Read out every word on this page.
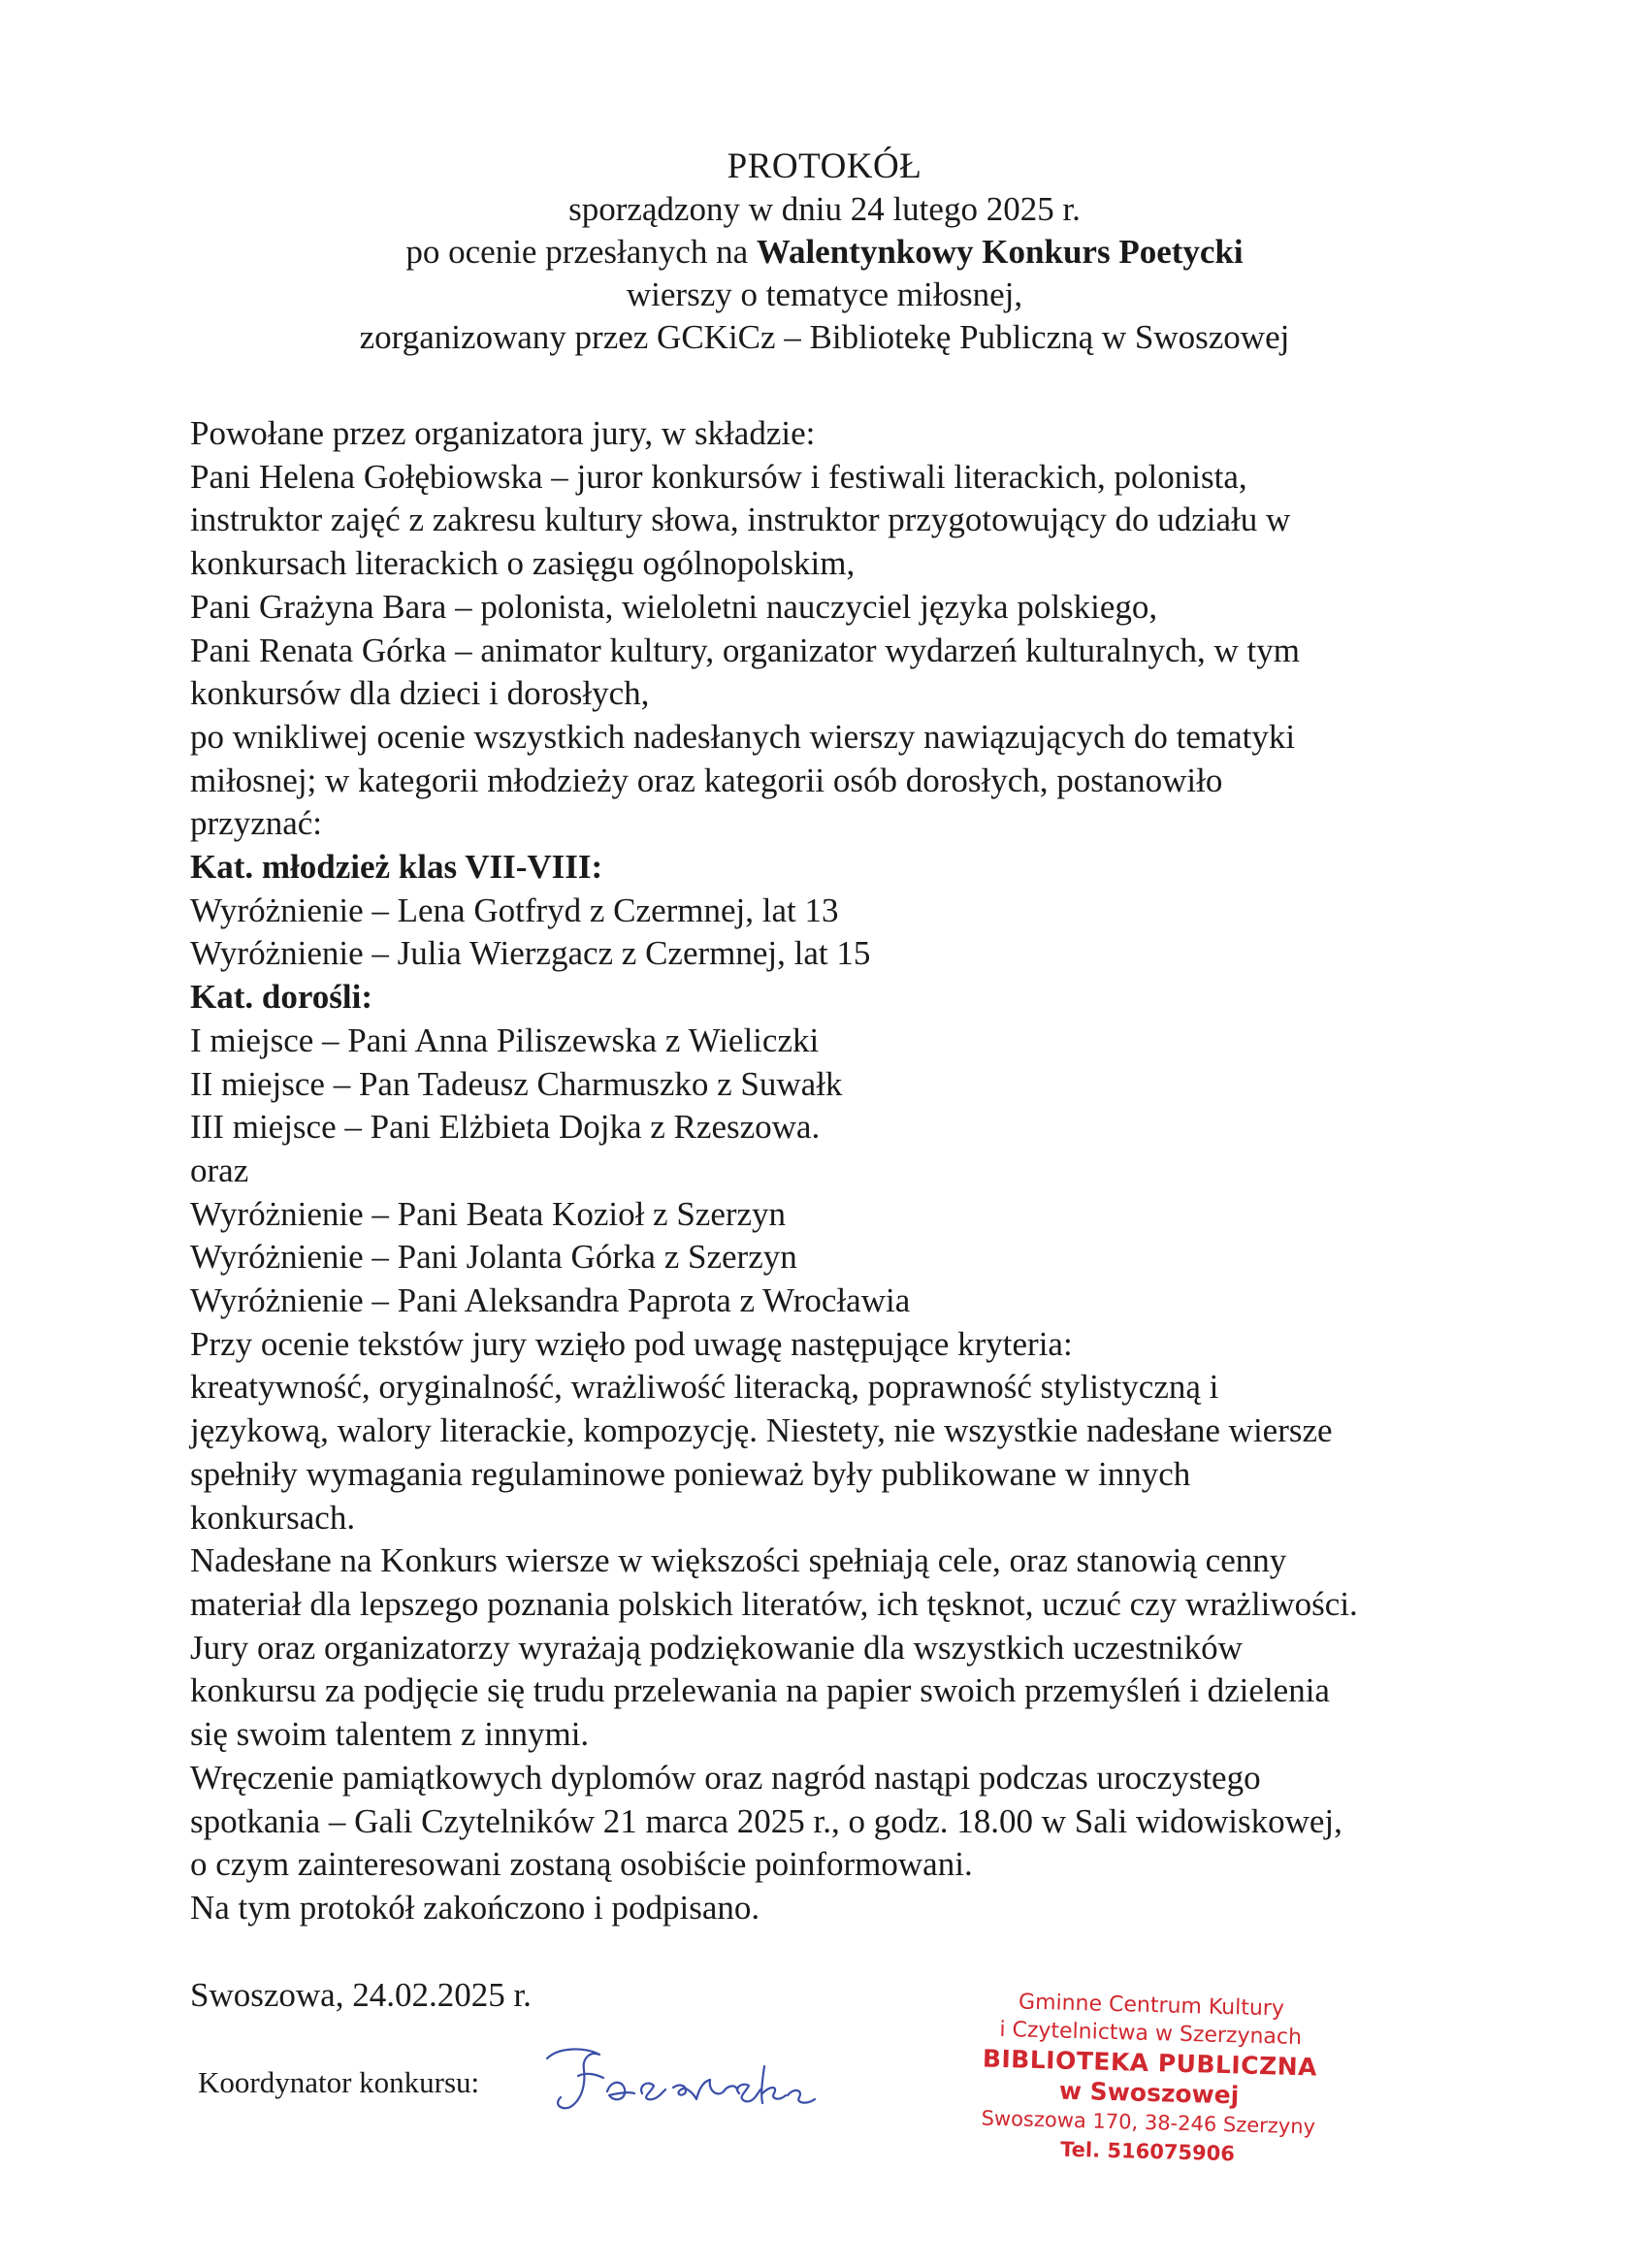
PROTOKÓŁ
sporządzony w dniu 24 lutego 2025 r.
po ocenie przesłanych na Walentynkowy Konkurs Poetycki
wierszy o tematyce miłosnej,
zorganizowany przez GCKiCz – Bibliotekę Publiczną w Swoszowej
Powołane przez organizatora jury, w składzie:
Pani Helena Gołębiowska – juror konkursów i festiwali literackich, polonista,
instruktor zajęć z zakresu kultury słowa, instruktor przygotowujący do udziału w
konkursach literackich o zasięgu ogólnopolskim,
Pani Grażyna Bara – polonista, wieloletni nauczyciel języka polskiego,
Pani Renata Górka – animator kultury, organizator wydarzeń kulturalnych, w tym
konkursów dla dzieci i dorosłych,
po wnikliwej ocenie wszystkich nadesłanych wierszy nawiązujących do tematyki
miłosnej; w kategorii młodzieży oraz kategorii osób dorosłych, postanowiło
przyznać:
Kat. młodzież klas VII-VIII:
Wyróżnienie – Lena Gotfryd z Czermnej, lat 13
Wyróżnienie – Julia Wierzgacz z Czermnej, lat 15
Kat. dorośli:
I miejsce – Pani Anna Piliszewska z Wieliczki
II miejsce – Pan Tadeusz Charmuszko z Suwałk
III miejsce – Pani Elżbieta Dojka z Rzeszowa.
oraz
Wyróżnienie – Pani Beata Kozioł z Szerzyn
Wyróżnienie – Pani Jolanta Górka z Szerzyn
Wyróżnienie – Pani Aleksandra Paprota z Wrocławia
Przy ocenie tekstów jury wzięło pod uwagę następujące kryteria:
kreatywność, oryginalność, wrażliwość literacką, poprawność stylistyczną i
językową, walory literackie, kompozycję. Niestety, nie wszystkie nadesłane wiersze
spełniły wymagania regulaminowe ponieważ były publikowane w innych
konkursach.
Nadesłane na Konkurs wiersze w większości spełniają cele, oraz stanowią cenny
materiał dla lepszego poznania polskich literatów, ich tęsknot, uczuć czy wrażliwości.
Jury oraz organizatorzy wyrażają podziękowanie dla wszystkich uczestników
konkursu za podjęcie się trudu przelewania na papier swoich przemyśleń i dzielenia
się swoim talentem z innymi.
Wręczenie pamiątkowych dyplomów oraz nagród nastąpi podczas uroczystego
spotkania – Gali Czytelników 21 marca 2025 r., o godz. 18.00 w Sali widowiskowej,
o czym zainteresowani zostaną osobiście poinformowani.
Na tym protokół zakończono i podpisano.
Swoszowa, 24.02.2025 r.
Koordynator konkursu:
Gminne Centrum Kultury
i Czytelnictwa w Szerzynach
BIBLIOTEKA PUBLICZNA
w Swoszowej
Swoszowa 170, 38-246 Szerzyny
Tel. 516075906
